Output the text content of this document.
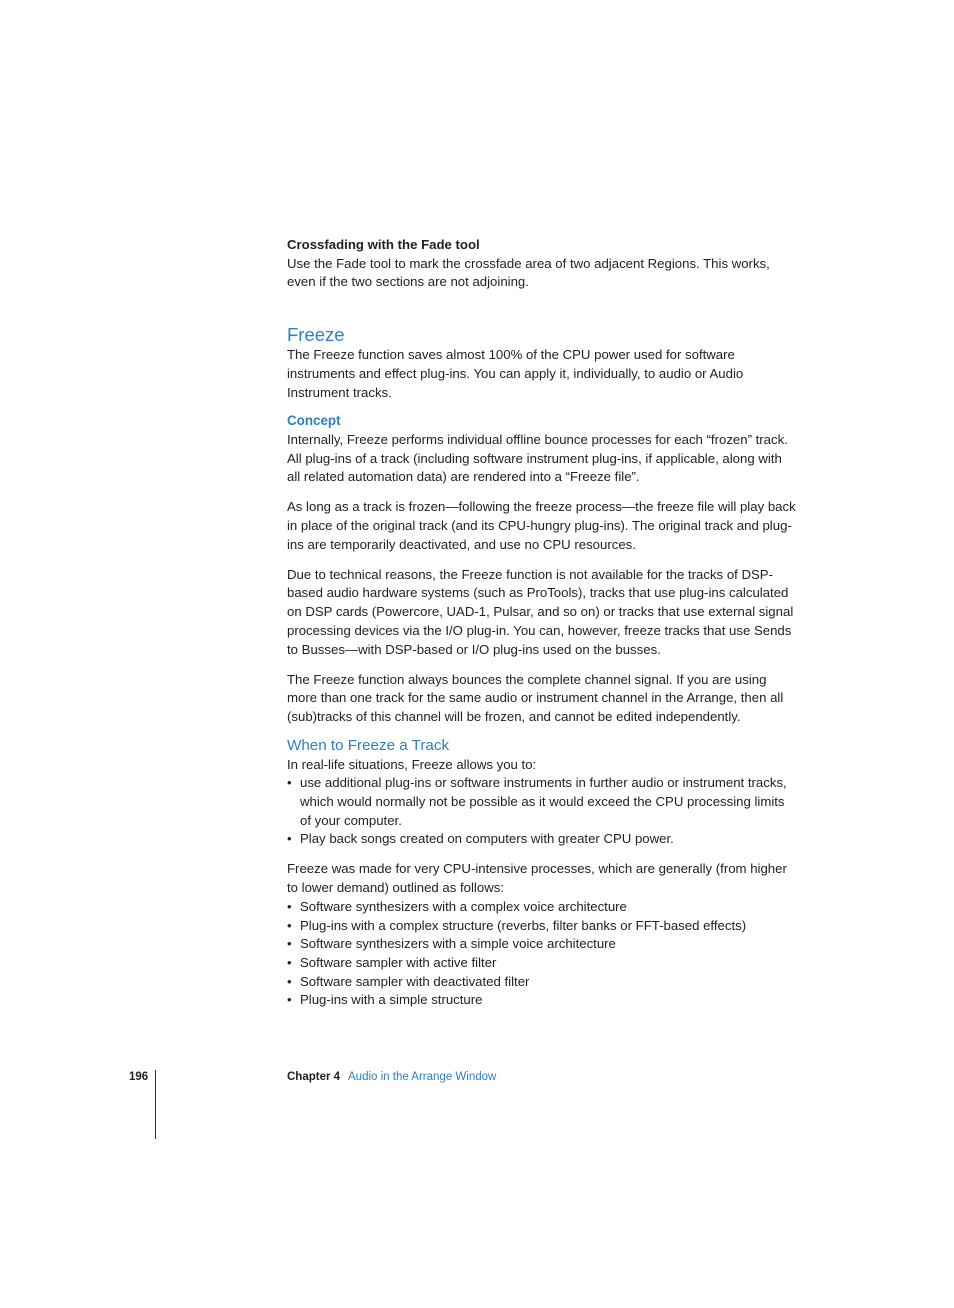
Crossfading with the Fade tool

Use the Fade tool to mark the crossfade area of two adjacent Regions. This works, even if the two sections are not adjoining.

Freeze

The Freeze function saves almost 100% of the CPU power used for software instruments and effect plug-ins. You can apply it, individually, to audio or Audio Instrument tracks.

Concept

Internally, Freeze performs individual offline bounce processes for each “frozen” track. All plug-ins of a track (including software instrument plug-ins, if applicable, along with all related automation data) are rendered into a “Freeze file”.

As long as a track is frozen—following the freeze process—the freeze file will play back in place of the original track (and its CPU-hungry plug-ins). The original track and plug-ins are temporarily deactivated, and use no CPU resources.

Due to technical reasons, the Freeze function is not available for the tracks of DSP-based audio hardware systems (such as ProTools), tracks that use plug-ins calculated on DSP cards (Powercore, UAD-1, Pulsar, and so on) or tracks that use external signal processing devices via the I/O plug-in. You can, however, freeze tracks that use Sends to Busses—with DSP-based or I/O plug-ins used on the busses.

The Freeze function always bounces the complete channel signal. If you are using more than one track for the same audio or instrument channel in the Arrange, then all (sub)tracks of this channel will be frozen, and cannot be edited independently.

When to Freeze a Track

In real-life situations, Freeze allows you to:

• use additional plug-ins or software instruments in further audio or instrument tracks, which would normally not be possible as it would exceed the CPU processing limits of your computer.
• Play back songs created on computers with greater CPU power.

Freeze was made for very CPU-intensive processes, which are generally (from higher to lower demand) outlined as follows:

• Software synthesizers with a complex voice architecture
• Plug-ins with a complex structure (reverbs, filter banks or FFT-based effects)
• Software synthesizers with a simple voice architecture
• Software sampler with active filter
• Software sampler with deactivated filter
• Plug-ins with a simple structure
196	Chapter 4 Audio in the Arrange Window
